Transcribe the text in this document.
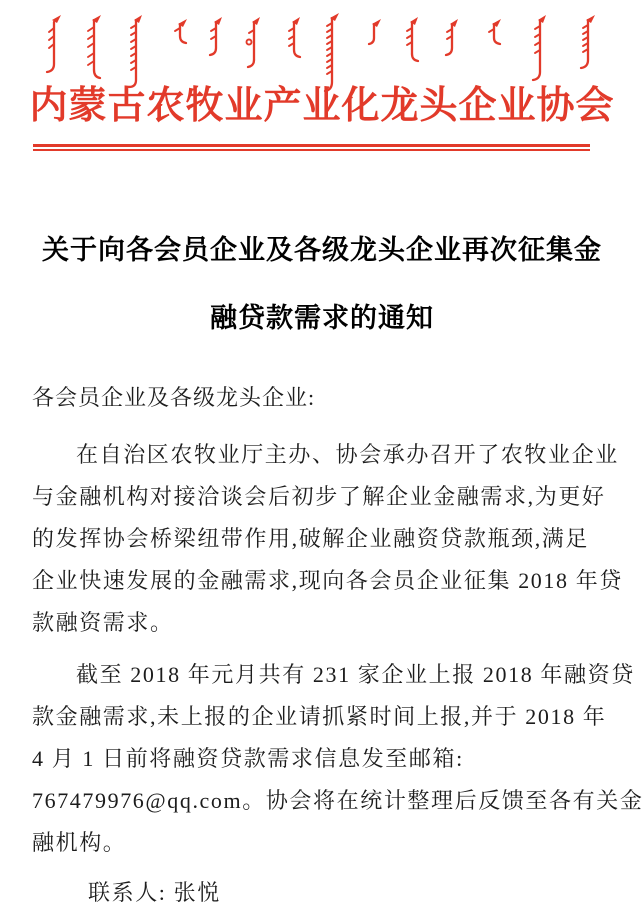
内蒙古农牧业产业化龙头企业协会
关于向各会员企业及各级龙头企业再次征集金
融贷款需求的通知

各会员企业及各级龙头企业:

在自治区农牧业厅主办、协会承办召开了农牧业企业
与金融机构对接洽谈会后初步了解企业金融需求,为更好
的发挥协会桥梁纽带作用,破解企业融资贷款瓶颈,满足
企业快速发展的金融需求,现向各会员企业征集 2018 年贷
款融资需求。
截至 2018 年元月共有 231 家企业上报 2018 年融资贷
款金融需求,未上报的企业请抓紧时间上报,并于 2018 年
4 月 1 日前将融资贷款需求信息发至邮箱:
767479976@qq.com。协会将在统计整理后反馈至各有关金
融机构。

联系人: 张悦
